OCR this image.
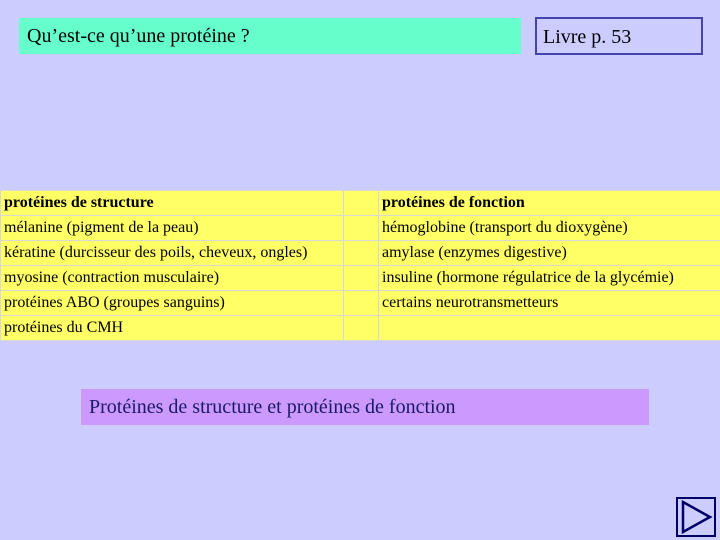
Qu’est-ce qu’une protéine ?	Livre p. 53
protéines de structure		protéines de fonction
mélanine (pigment de la peau)		hémoglobine (transport du dioxygène)
kératine (durcisseur des poils, cheveux, ongles)		amylase (enzymes digestive)
myosine (contraction musculaire)		insuline (hormone régulatrice de la glycémie)
protéines ABO (groupes sanguins)		certains neurotransmetteurs
protéines du CMH		
Protéines de structure et protéines de fonction
